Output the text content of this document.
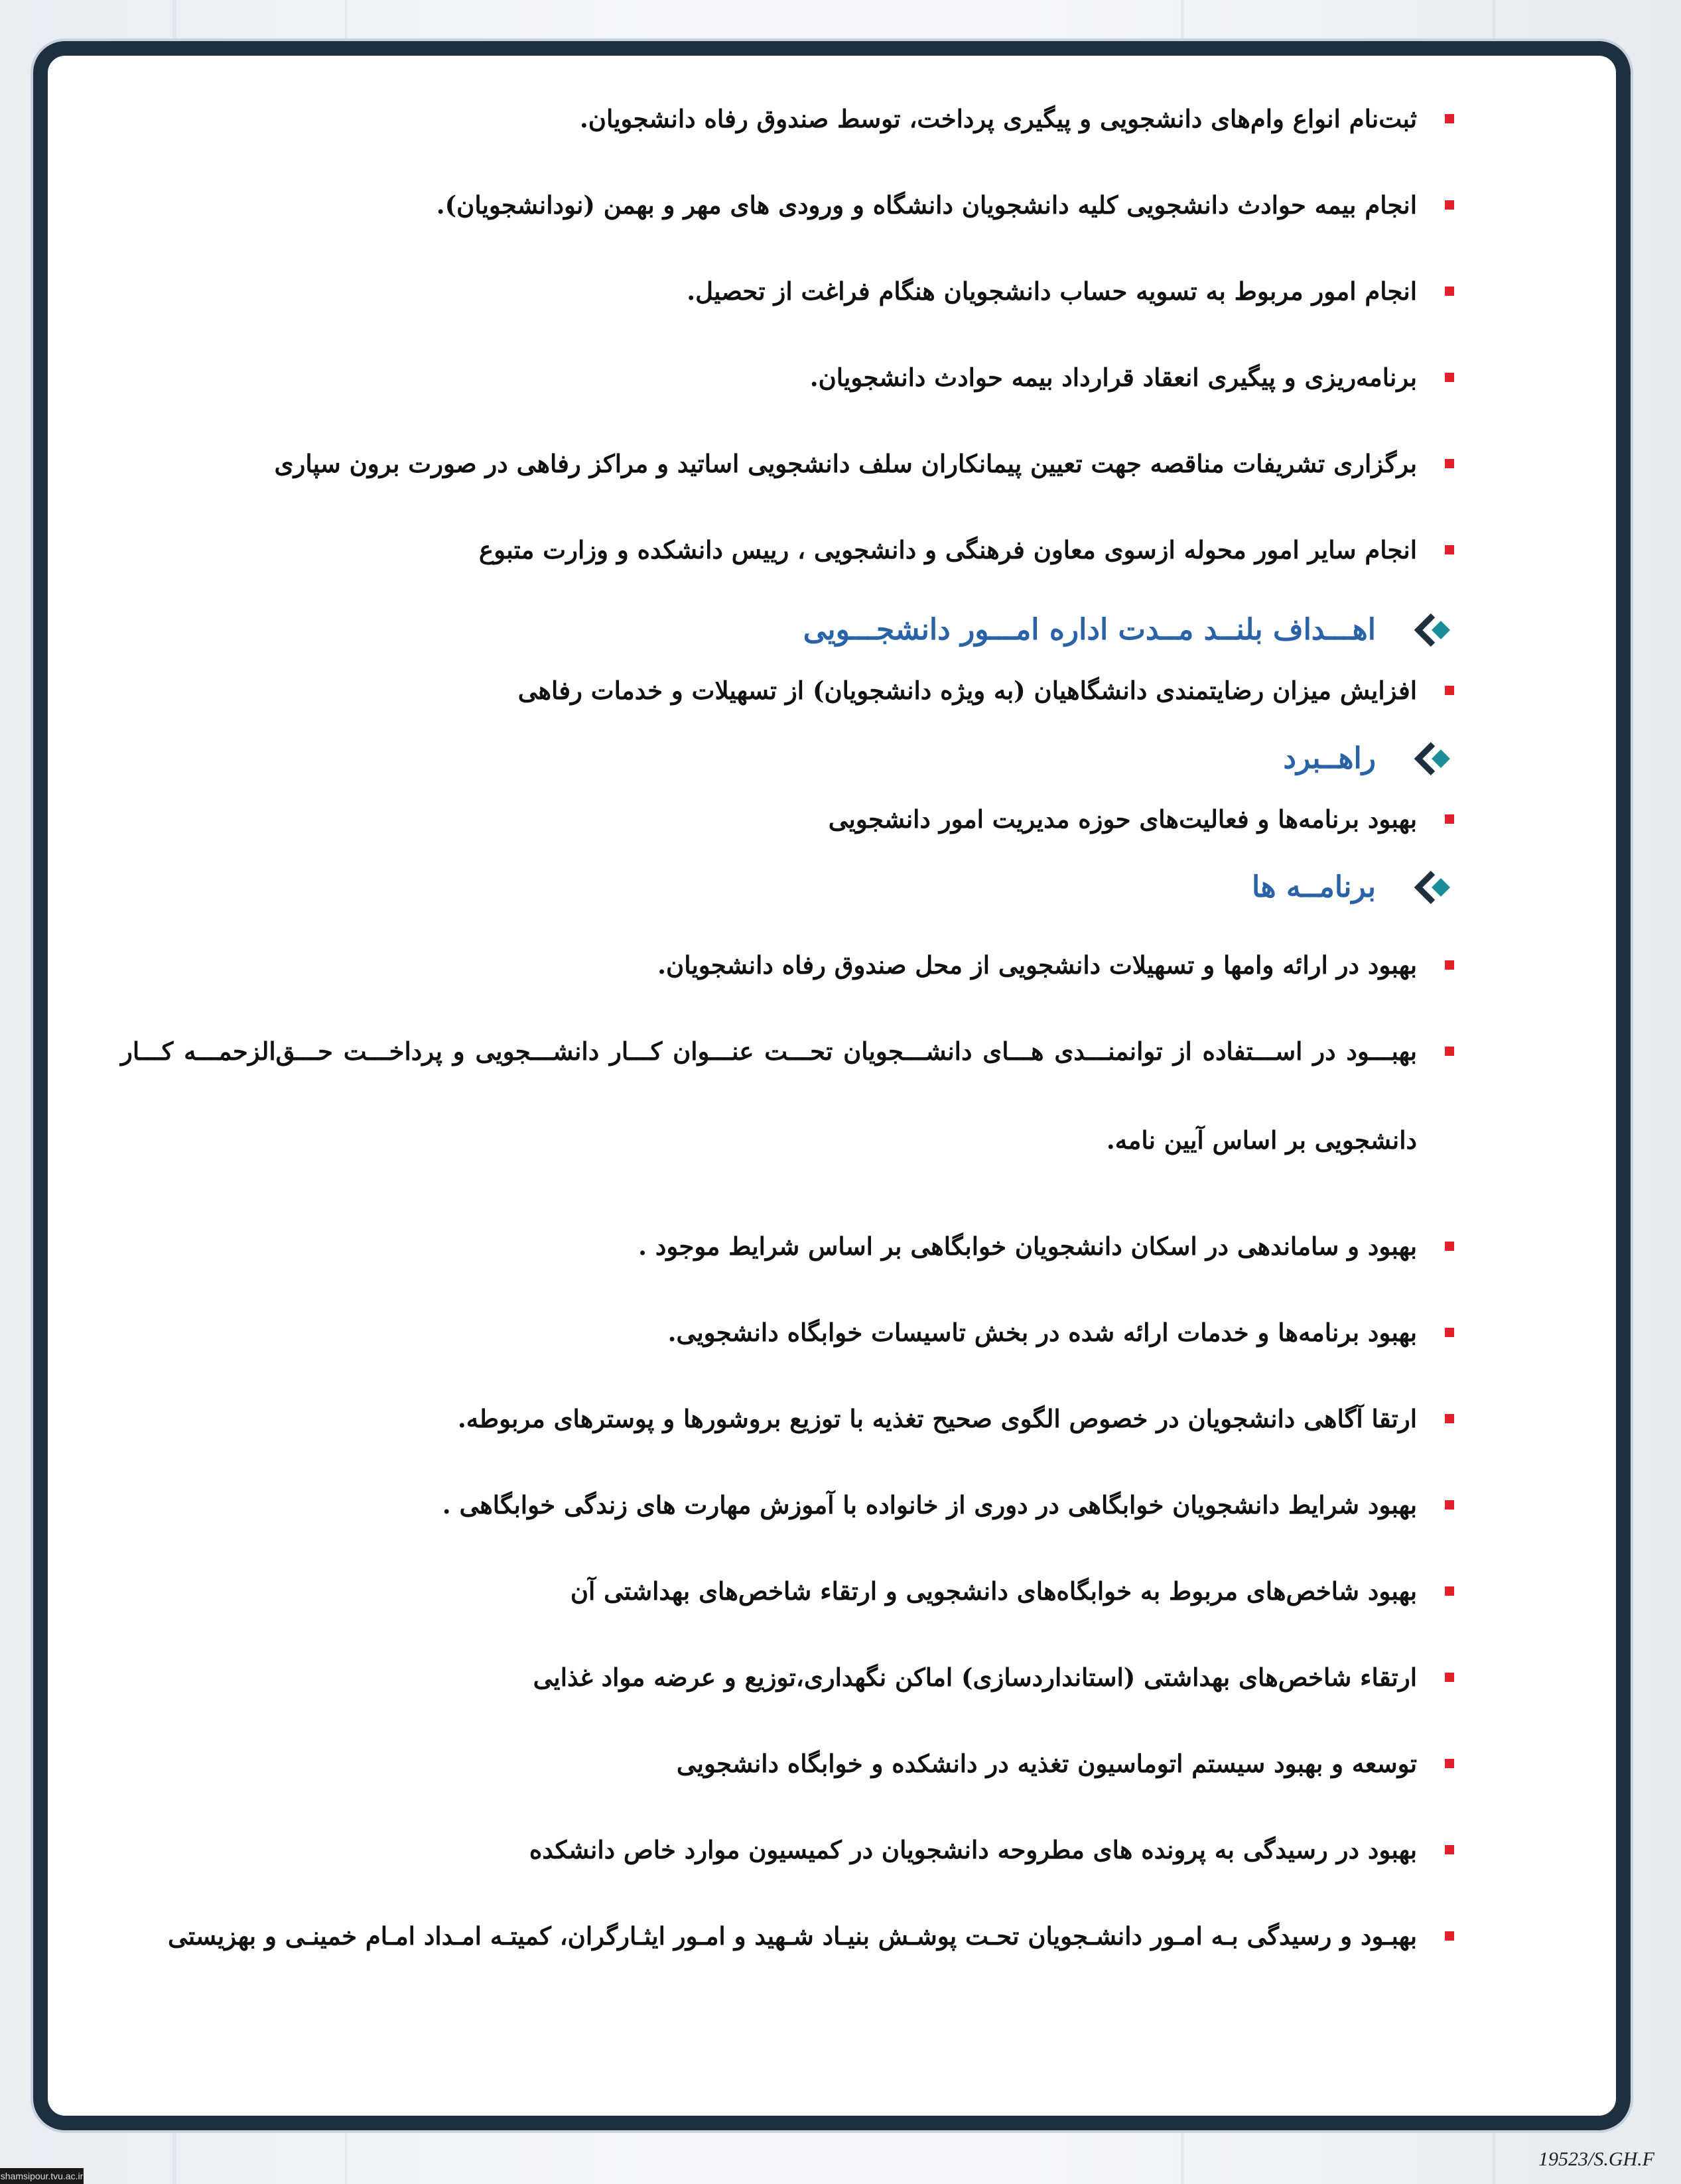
ثبت‌نام انواع وام‌های دانشجویی و پیگیری پرداخت، توسط صندوق رفاه دانشجویان.
انجام بیمه حوادث دانشجویی کلیه دانشجویان دانشگاه و ورودی های مهر و بهمن (نودانشجویان).
انجام امور مربوط به تسویه حساب دانشجویان هنگام فراغت از تحصیل.
برنامه‌ریزی و پیگیری انعقاد قرارداد بیمه حوادث دانشجویان.
برگزاری تشریفات مناقصه جهت تعیین پیمانکاران سلف دانشجویی اساتید و مراکز رفاهی در صورت برون سپاری
انجام سایر امور محوله ازسوی معاون فرهنگی و دانشجویی ، رییس دانشکده و وزارت متبوع
اهـــداف بلنــد مــدت اداره امـــور دانشجـــویی
افزایش میزان رضایتمندی دانشگاهیان (به ویژه دانشجویان) از تسهیلات و خدمات رفاهی
راهــبرد
بهبود برنامه‌ها و فعالیت‌های حوزه مدیریت امور دانشجویی
برنامــه ها
بهبود در ارائه وامها و تسهیلات دانشجویی از محل صندوق رفاه دانشجویان.
بهبـــود در اســـتفاده از توانمنـــدی هـــای دانشـــجویان تحـــت عنـــوان کـــار دانشـــجویی و پرداخـــت حـــق‌الزحمـــه کـــار دانشجویی بر اساس آیین نامه.
بهبود و ساماندهی در اسکان دانشجویان خوابگاهی بر اساس شرایط موجود .
بهبود برنامه‌ها و خدمات ارائه شده در بخش تاسیسات خوابگاه دانشجویی.
ارتقا آگاهی دانشجویان در خصوص الگوی صحیح تغذیه با توزیع بروشورها و پوسترهای مربوطه.
بهبود شرایط دانشجویان خوابگاهی در دوری از خانواده با آموزش مهارت های زندگی خوابگاهی .
بهبود شاخص‌های مربوط به خوابگاه‌های دانشجویی و ارتقاء شاخص‌های بهداشتی آن
ارتقاء شاخص‌های بهداشتی (استانداردسازی) اماکن نگهداری،توزیع و عرضه مواد غذایی
توسعه و بهبود سیستم اتوماسیون تغذیه در دانشکده و خوابگاه دانشجویی
بهبود در رسیدگی به پرونده های مطروحه دانشجویان در کمیسیون موارد خاص دانشکده
بهبـود و رسیدگی بـه امـور دانشـجویان تحـت پوشـش بنیـاد شـهید و امـور ایثـارگران، کمیتـه امـداد امـام خمینـی و بهزیستی
19523/S.GH.F
shamsipour.tvu.ac.ir
